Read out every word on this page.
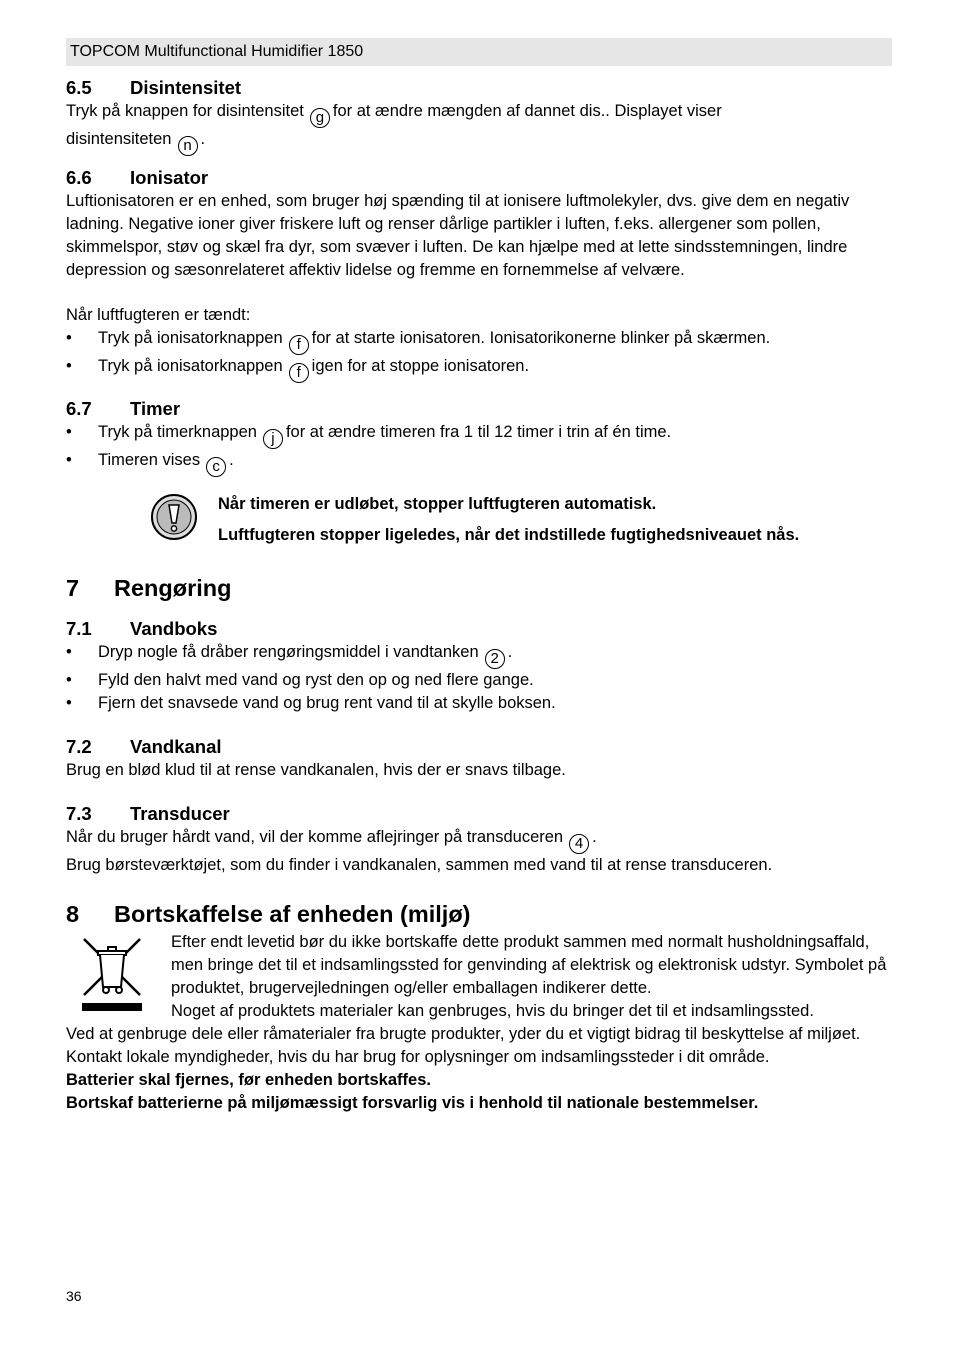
TOPCOM Multifunctional Humidifier 1850
6.5	Disintensitet

Tryk på knappen for disintensitet g for at ændre mængden af dannet dis.. Displayet viser
disintensiteten n .

6.6	Ionisator

Luftionisatoren er en enhed, som bruger høj spænding til at ionisere luftmolekyler, dvs. give dem en negativ ladning. Negative ioner giver friskere luft og renser dårlige partikler i luften, f.eks. allergener som pollen, skimmelspor, støv og skæl fra dyr, som svæver i luften. De kan hjælpe med at lette sindsstemningen, lindre depression og sæsonrelateret affektiv lidelse og fremme en fornemmelse af velvære.

Når luftfugteren er tændt:

•	Tryk på ionisatorknappen f for at starte ionisatoren. Ionisatorikonerne blinker på skærmen.
•	Tryk på ionisatorknappen f igen for at stoppe ionisatoren.
6.7	Timer
•	Tryk på timerknappen j for at ændre timeren fra 1 til 12 timer i trin af én time.
•	Timeren vises c .

Når timeren er udløbet, stopper luftfugteren automatisk.

Luftfugteren stopper ligeledes, når det indstillede fugtighedsniveauet nås.

7	Rengøring
7.1	Vandboks
•	Dryp nogle få dråber rengøringsmiddel i vandtanken 2 .
•	Fyld den halvt med vand og ryst den op og ned flere gange.
•	Fjern det snavsede vand og brug rent vand til at skylle boksen.
7.2	Vandkanal

Brug en blød klud til at rense vandkanalen, hvis der er snavs tilbage.

7.3	Transducer

Når du bruger hårdt vand, vil der komme aflejringer på transduceren 4 .
Brug børsteværktøjet, som du finder i vandkanalen, sammen med vand til at rense transduceren.

8	Bortskaffelse af enheden (miljø)

Efter endt levetid bør du ikke bortskaffe dette produkt sammen med normalt husholdningsaffald, men bringe det til et indsamlingssted for genvinding af elektrisk og elektronisk udstyr. Symbolet på produktet, brugervejledningen og/eller emballagen indikerer dette.

Noget af produktets materialer kan genbruges, hvis du bringer det til et indsamlingssted.

Ved at genbruge dele eller råmaterialer fra brugte produkter, yder du et vigtigt bidrag til beskyttelse af miljøet. Kontakt lokale myndigheder, hvis du har brug for oplysninger om indsamlingssteder i dit område.

Batterier skal fjernes, før enheden bortskaffes.

Bortskaf batterierne på miljømæssigt forsvarlig vis i henhold til nationale bestemmelser.

36
